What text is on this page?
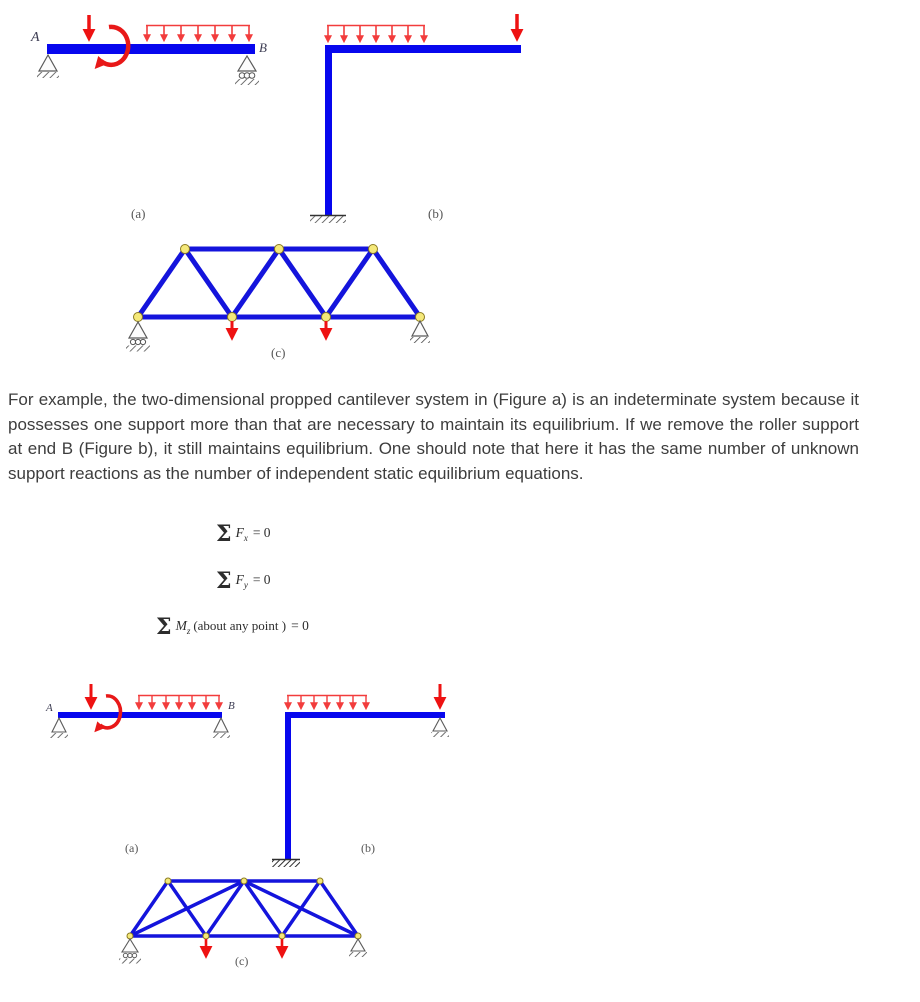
A
B
(a)	(b)
(c)
For example, the two-dimensional propped cantilever system in (Figure a) is an indeterminate system because it possesses one support more than that are necessary to maintain its equilibrium. If we remove the roller support at end B (Figure b), it still maintains equilibrium. One should note that here it has the same number of unknown support reactions as the number of independent static equilibrium equations.
Σ $F_x = 0$
Σ $F_y = 0$
Σ $M_z$ (about any point ) = 0
A	B
(a)	(b)
(c)
